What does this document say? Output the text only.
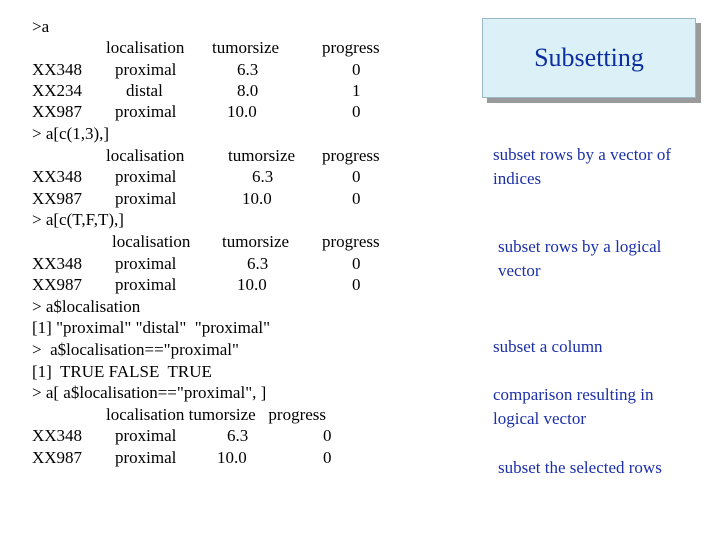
>a
localisation tumorsize	progress
XX348 proximal	6.3	0
XX234	distal	8.0	1
XX987 proximal	10.0	0
> a[c(1,3),]
localisation	tumorsize progress
XX348 proximal	6.3	0
XX987 proximal	10.0	0
> a[c(T,F,T),]
localisation tumorsize progress
XX348 proximal	6.3	0
XX987 proximal	10.0	0
> a$localisation
[1] "proximal" "distal"  "proximal"
>  a$localisation=="proximal"
[1]  TRUE FALSE  TRUE
> a[ a$localisation=="proximal", ]
localisation tumorsize   progress
XX348 proximal	6.3	0
XX987 proximal 10.0	0
Subsetting
subset rows by a vector of indices
subset rows by a logical vector
subset a column
comparison resulting in logical vector
subset the selected rows
